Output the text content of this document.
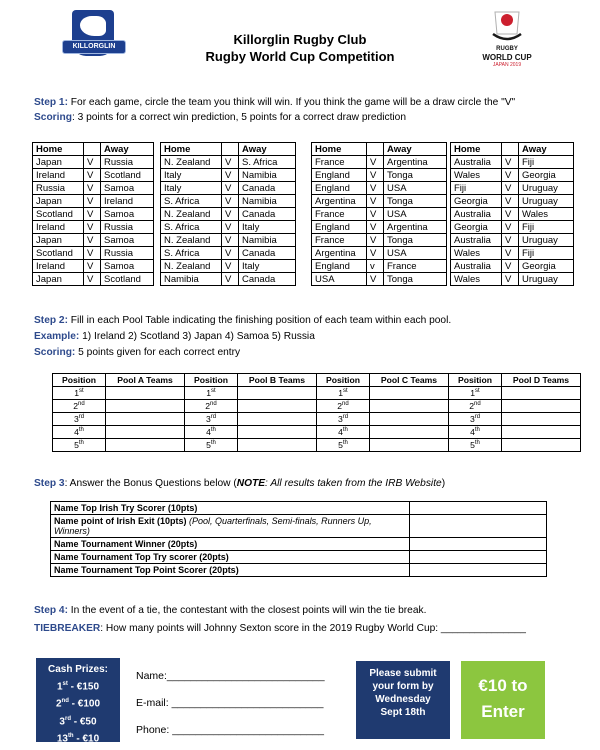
KILLORGLIN	RUGBY
WORLD CUP
JAPAN 2019
Killorglin Rugby Club
Rugby World Cup Competition
Step 1: For each game, circle the team you think will win. If you think the game will be a draw circle the "V"
Scoring: 3 points for a correct win prediction, 5 points for a correct draw prediction
Home		Away
Japan	V	Russia
Ireland	V	Scotland
Russia	V	Samoa
Japan	V	Ireland
Scotland	V	Samoa
Ireland	V	Russia
Japan	V	Samoa
Scotland	V	Russia
Ireland	V	Samoa
Japan	V	Scotland
Home		Away
N. Zealand	V	S. Africa
Italy	V	Namibia
Italy	V	Canada
S. Africa	V	Namibia
N. Zealand	V	Canada
S. Africa	V	Italy
N. Zealand	V	Namibia
S. Africa	V	Canada
N. Zealand	V	Italy
Namibia	V	Canada
Home		Away
France	V	Argentina
England	V	Tonga
England	V	USA
Argentina	V	Tonga
France	V	USA
England	V	Argentina
France	V	Tonga
Argentina	V	USA
England	v	France
USA	V	Tonga
Home		Away
Australia	V	Fiji
Wales	V	Georgia
Fiji	V	Uruguay
Georgia	V	Uruguay
Australia	V	Wales
Georgia	V	Fiji
Australia	V	Uruguay
Wales	V	Fiji
Australia	V	Georgia
Wales	V	Uruguay
Step 2: Fill in each Pool Table indicating the finishing position of each team within each pool.
Example: 1) Ireland 2) Scotland 3) Japan 4) Samoa 5) Russia
Scoring: 5 points given for each correct entry
Position	Pool A Teams	Position	Pool B Teams	Position	Pool C Teams	Position	Pool D Teams
1st		1st		1st		1st	
2nd		2nd		2nd		2nd	
3rd		3rd		3rd		3rd	
4th		4th		4th		4th	
5th		5th		5th		5th	
Step 3: Answer the Bonus Questions below (NOTE: All results taken from the IRB Website)
Name Top Irish Try Scorer (10pts)	
Name point of Irish Exit (10pts) (Pool, Quarterfinals, Semi-finals, Runners Up, Winners)	
Name Tournament Winner (20pts)	
Name Tournament Top Try scorer (20pts)	
Name Tournament Top Point Scorer (20pts)	
Step 4: In the event of a tie, the contestant with the closest points will win the tie break.
TIEBREAKER: How many points will Johnny Sexton score in the 2019 Rugby World Cup: _______________
Cash Prizes:
1st - €150
2nd - €100
3rd - €50
13th - €10
Name:___________________________
E-mail: __________________________
Phone: __________________________
Please submit
your form by
Wednesday
Sept 18th
€10 to
Enter
